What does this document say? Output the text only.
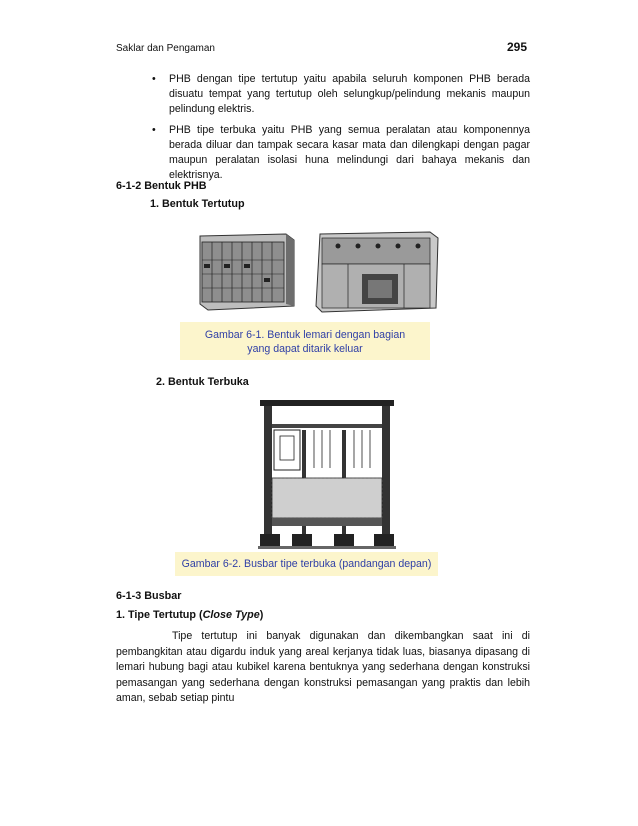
Saklar dan Pengaman	295
• PHB dengan tipe tertutup yaitu apabila seluruh komponen PHB berada disuatu tempat yang tertutup oleh selungkup/pelindung mekanis maupun pelindung elektris.
• PHB tipe terbuka yaitu PHB yang semua peralatan atau komponennya berada diluar dan tampak secara kasar mata dan dilengkapi dengan pagar maupun peralatan isolasi huna melindungi dari bahaya mekanis dan elektrisnya.
6-1-2 Bentuk PHB
1. Bentuk Tertutup
Gambar 6-1. Bentuk lemari dengan bagian
yang dapat ditarik keluar
2. Bentuk Terbuka
Gambar 6-2. Busbar tipe terbuka (pandangan depan)
6-1-3 Busbar
1. Tipe Tertutup (Close Type)
Tipe tertutup ini banyak digunakan dan dikembangkan saat ini di pembangkitan atau digardu induk yang areal kerjanya tidak luas, biasanya dipasang di lemari hubung bagi atau kubikel karena bentuknya yang sederhana dengan konstruksi pemasangan yang sederhana dengan konstruksi pemasangan yang praktis dan lebih aman, sebab setiap pintu
